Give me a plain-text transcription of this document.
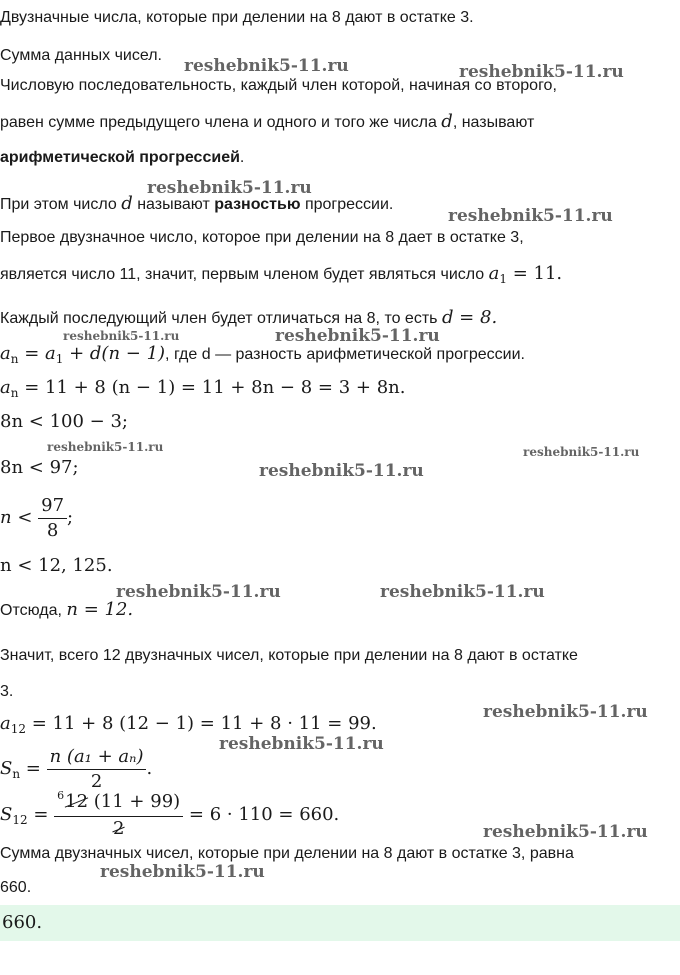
Двузначные числа, которые при делении на 8 дают в остатке 3.
Сумма данных чисел.
Числовую последовательность, каждый член которой, начиная со второго,
равен сумме предыдущего члена и одного и того же числа d, называют
арифметической прогрессией.
При этом число d называют разностью прогрессии.
Первое двузначное число, которое при делении на 8 дает в остатке 3,
является число 11, значит, первым членом будет являться число $a_1 = 11$.
Каждый последующий член будет отличаться на 8, то есть d = 8.
$a_n = a_1 + d(n - 1)$, где d — разность арифметической прогрессии.
$a_n = 11 + 8$ (n − 1) = 11 + 8n − 8 = 3 + 8n.
8n < 100 − 3;
8n < 97;
$n < \frac{97}{8}$ ;
n < 12, 125.
Отсюда, n = 12.
Значит, всего 12 двузначных чисел, которые при делении на 8 дают в остатке
3.
$a_{12} = 11 + 8$ (12 − 1) = 11 + 8 · 11 = 99.
$S_n = \frac{\text{n (a₁ + aₙ)}}{2}$ .
$S_{12} = \frac{^612 (11 + 99)}{2} = 6 \cdot 110 = 660$.
Сумма двузначных чисел, которые при делении на 8 дают в остатке 3, равна
660.
660.
reshebnik5-11.ru	reshebnik5-11.ru
reshebnik5-11.ru
reshebnik5-11.ru
reshebnik5-11.ru	reshebnik5-11.ru
reshebnik5-11.ru	reshebnik5-11.ru
reshebnik5-11.ru
reshebnik5-11.ru	reshebnik5-11.ru
reshebnik5-11.ru
reshebnik5-11.ru
reshebnik5-11.ru
reshebnik5-11.ru
